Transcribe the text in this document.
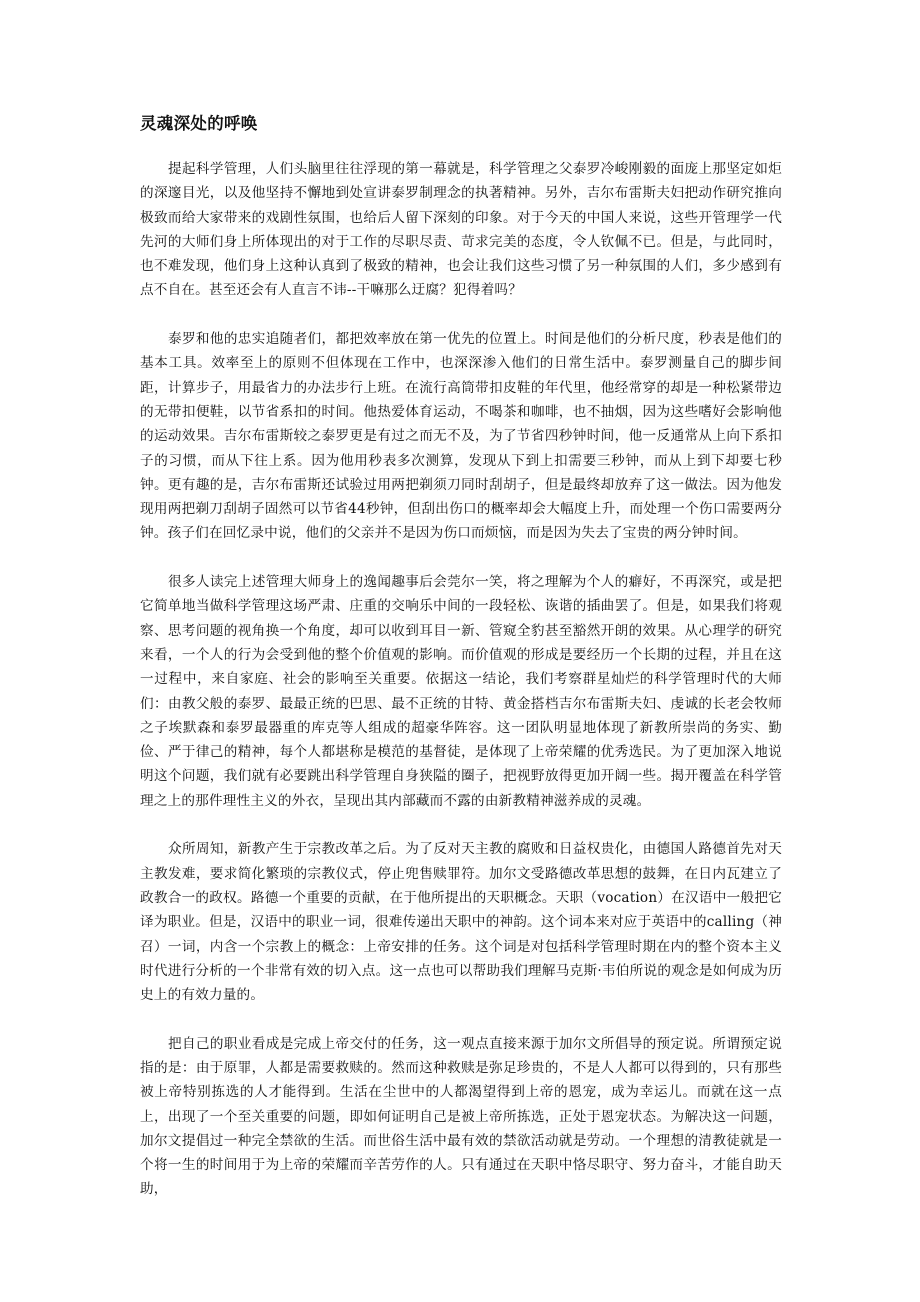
灵魂深处的呼唤

提起科学管理，人们头脑里往往浮现的第一幕就是，科学管理之父泰罗冷峻刚毅的面庞上那坚定如炬的深邃目光，以及他坚持不懈地到处宣讲泰罗制理念的执著精神。另外，吉尔布雷斯夫妇把动作研究推向极致而给大家带来的戏剧性氛围，也给后人留下深刻的印象。对于今天的中国人来说，这些开管理学一代先河的大师们身上所体现出的对于工作的尽职尽责、苛求完美的态度，令人钦佩不已。但是，与此同时，也不难发现，他们身上这种认真到了极致的精神，也会让我们这些习惯了另一种氛围的人们，多少感到有点不自在。甚至还会有人直言不讳--干嘛那么迂腐？犯得着吗？

泰罗和他的忠实追随者们，都把效率放在第一优先的位置上。时间是他们的分析尺度，秒表是他们的基本工具。效率至上的原则不但体现在工作中，也深深渗入他们的日常生活中。泰罗测量自己的脚步间距，计算步子，用最省力的办法步行上班。在流行高筒带扣皮鞋的年代里，他经常穿的却是一种松紧带边的无带扣便鞋，以节省系扣的时间。他热爱体育运动，不喝茶和咖啡，也不抽烟，因为这些嗜好会影响他的运动效果。吉尔布雷斯较之泰罗更是有过之而无不及，为了节省四秒钟时间，他一反通常从上向下系扣子的习惯，而从下往上系。因为他用秒表多次测算，发现从下到上扣需要三秒钟，而从上到下却要七秒钟。更有趣的是，吉尔布雷斯还试验过用两把剃须刀同时刮胡子，但是最终却放弃了这一做法。因为他发现用两把剃刀刮胡子固然可以节省44秒钟，但刮出伤口的概率却会大幅度上升，而处理一个伤口需要两分钟。孩子们在回忆录中说，他们的父亲并不是因为伤口而烦恼，而是因为失去了宝贵的两分钟时间。

很多人读完上述管理大师身上的逸闻趣事后会莞尔一笑，将之理解为个人的癖好，不再深究，或是把它简单地当做科学管理这场严肃、庄重的交响乐中间的一段轻松、诙谐的插曲罢了。但是，如果我们将观察、思考问题的视角换一个角度，却可以收到耳目一新、管窥全豹甚至豁然开朗的效果。从心理学的研究来看，一个人的行为会受到他的整个价值观的影响。而价值观的形成是要经历一个长期的过程，并且在这一过程中，来自家庭、社会的影响至关重要。依据这一结论，我们考察群星灿烂的科学管理时代的大师们：由教父般的泰罗、最最正统的巴思、最不正统的甘特、黄金搭档吉尔布雷斯夫妇、虔诚的长老会牧师之子埃默森和泰罗最器重的库克等人组成的超豪华阵容。这一团队明显地体现了新教所崇尚的务实、勤俭、严于律己的精神，每个人都堪称是模范的基督徒，是体现了上帝荣耀的优秀选民。为了更加深入地说明这个问题，我们就有必要跳出科学管理自身狭隘的圈子，把视野放得更加开阔一些。揭开覆盖在科学管理之上的那件理性主义的外衣，呈现出其内部藏而不露的由新教精神滋养成的灵魂。

众所周知，新教产生于宗教改革之后。为了反对天主教的腐败和日益权贵化，由德国人路德首先对天主教发难，要求简化繁琐的宗教仪式，停止兜售赎罪符。加尔文受路德改革思想的鼓舞，在日内瓦建立了政教合一的政权。路德一个重要的贡献，在于他所提出的天职概念。天职（vocation）在汉语中一般把它译为职业。但是，汉语中的职业一词，很难传递出天职中的神韵。这个词本来对应于英语中的calling（神召）一词，内含一个宗教上的概念：上帝安排的任务。这个词是对包括科学管理时期在内的整个资本主义时代进行分析的一个非常有效的切入点。这一点也可以帮助我们理解马克斯·韦伯所说的观念是如何成为历史上的有效力量的。

把自己的职业看成是完成上帝交付的任务，这一观点直接来源于加尔文所倡导的预定说。所谓预定说指的是：由于原罪，人都是需要救赎的。然而这种救赎是弥足珍贵的，不是人人都可以得到的，只有那些被上帝特别拣选的人才能得到。生活在尘世中的人都渴望得到上帝的恩宠，成为幸运儿。而就在这一点上，出现了一个至关重要的问题，即如何证明自己是被上帝所拣选，正处于恩宠状态。为解决这一问题，加尔文提倡过一种完全禁欲的生活。而世俗生活中最有效的禁欲活动就是劳动。一个理想的清教徒就是一个将一生的时间用于为上帝的荣耀而辛苦劳作的人。只有通过在天职中恪尽职守、努力奋斗，才能自助天助，
